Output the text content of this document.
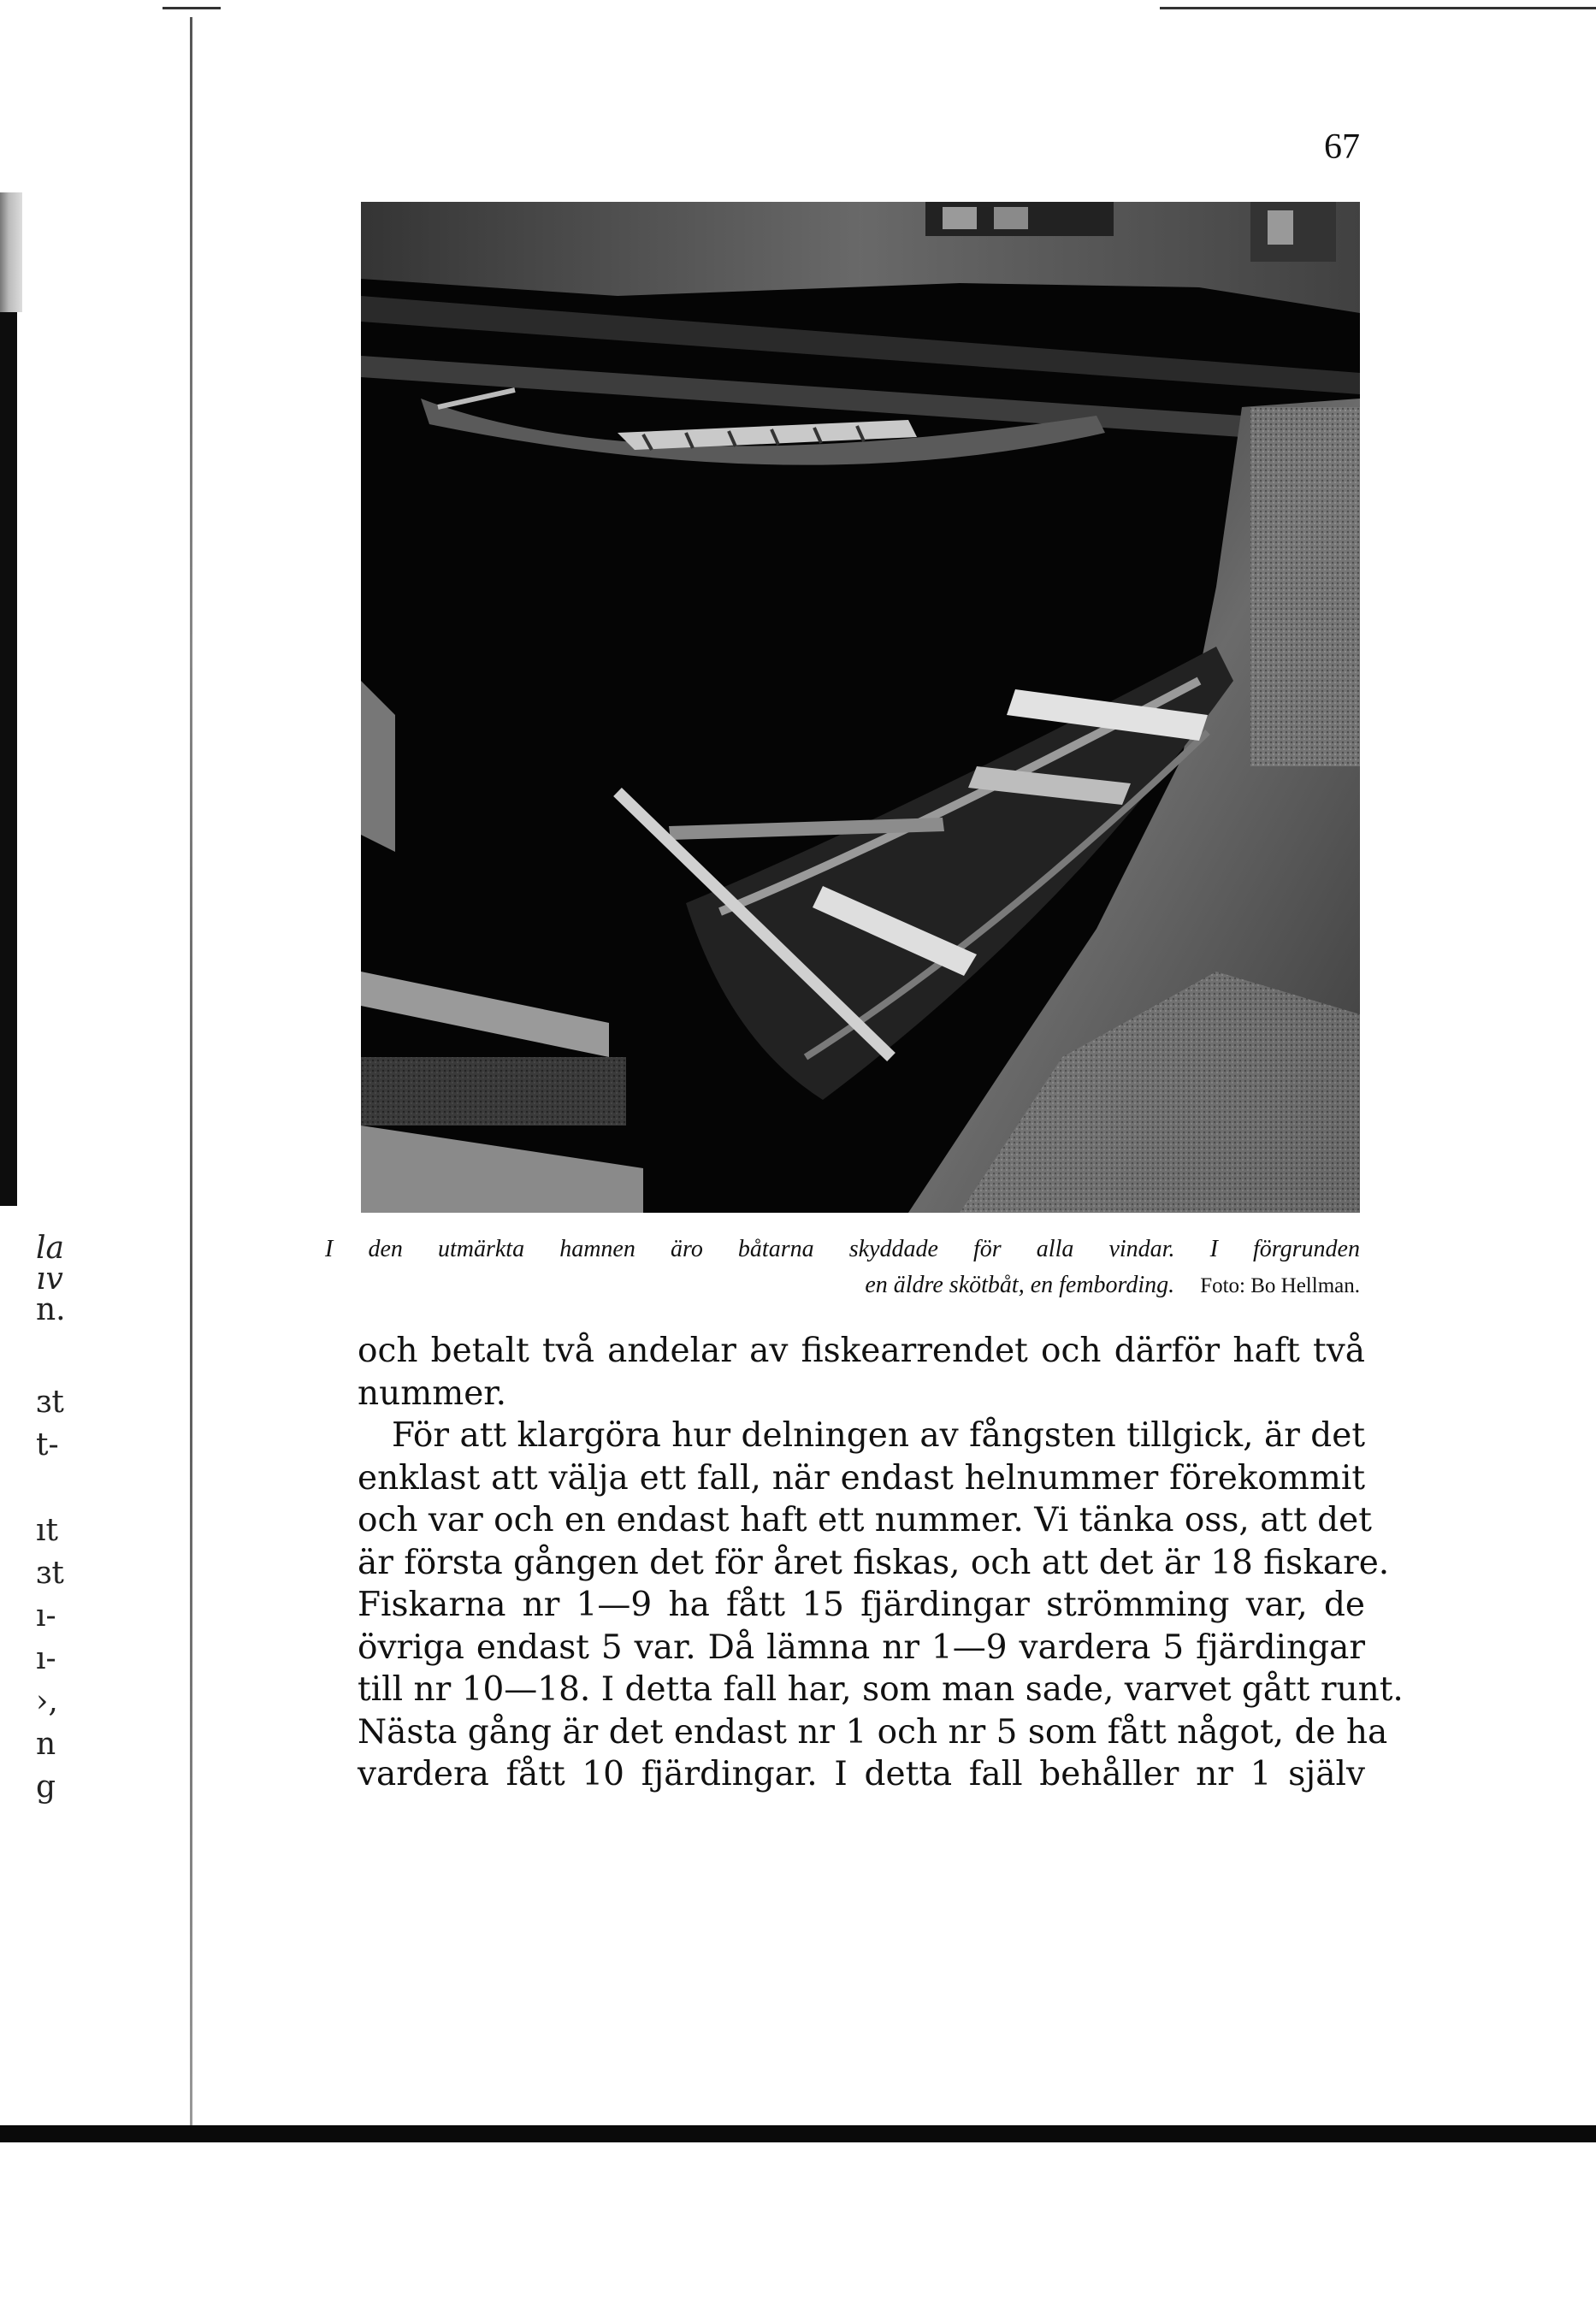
la
ıv
n.
ɜt
t-
ıt
ɜt
ı-
ı-
›,
n
g
67
I den utmärkta hamnen äro båtarna skyddade för alla vindar. I förgrunden
en äldre skötbåt, en fembording. Foto: Bo Hellman.
och betalt två andelar av fiskearrendet och därför haft två
nummer.
För att klargöra hur delningen av fångsten tillgick, är det
enklast att välja ett fall, när endast helnummer förekommit
och var och en endast haft ett nummer. Vi tänka oss, att det
är första gången det för året fiskas, och att det är 18 fiskare.
Fiskarna nr 1—9 ha fått 15 fjärdingar strömming var, de
övriga endast 5 var. Då lämna nr 1—9 vardera 5 fjärdingar
till nr 10—18. I detta fall har, som man sade, varvet gått runt.
Nästa gång är det endast nr 1 och nr 5 som fått något, de ha
vardera fått 10 fjärdingar. I detta fall behåller nr 1 själv
